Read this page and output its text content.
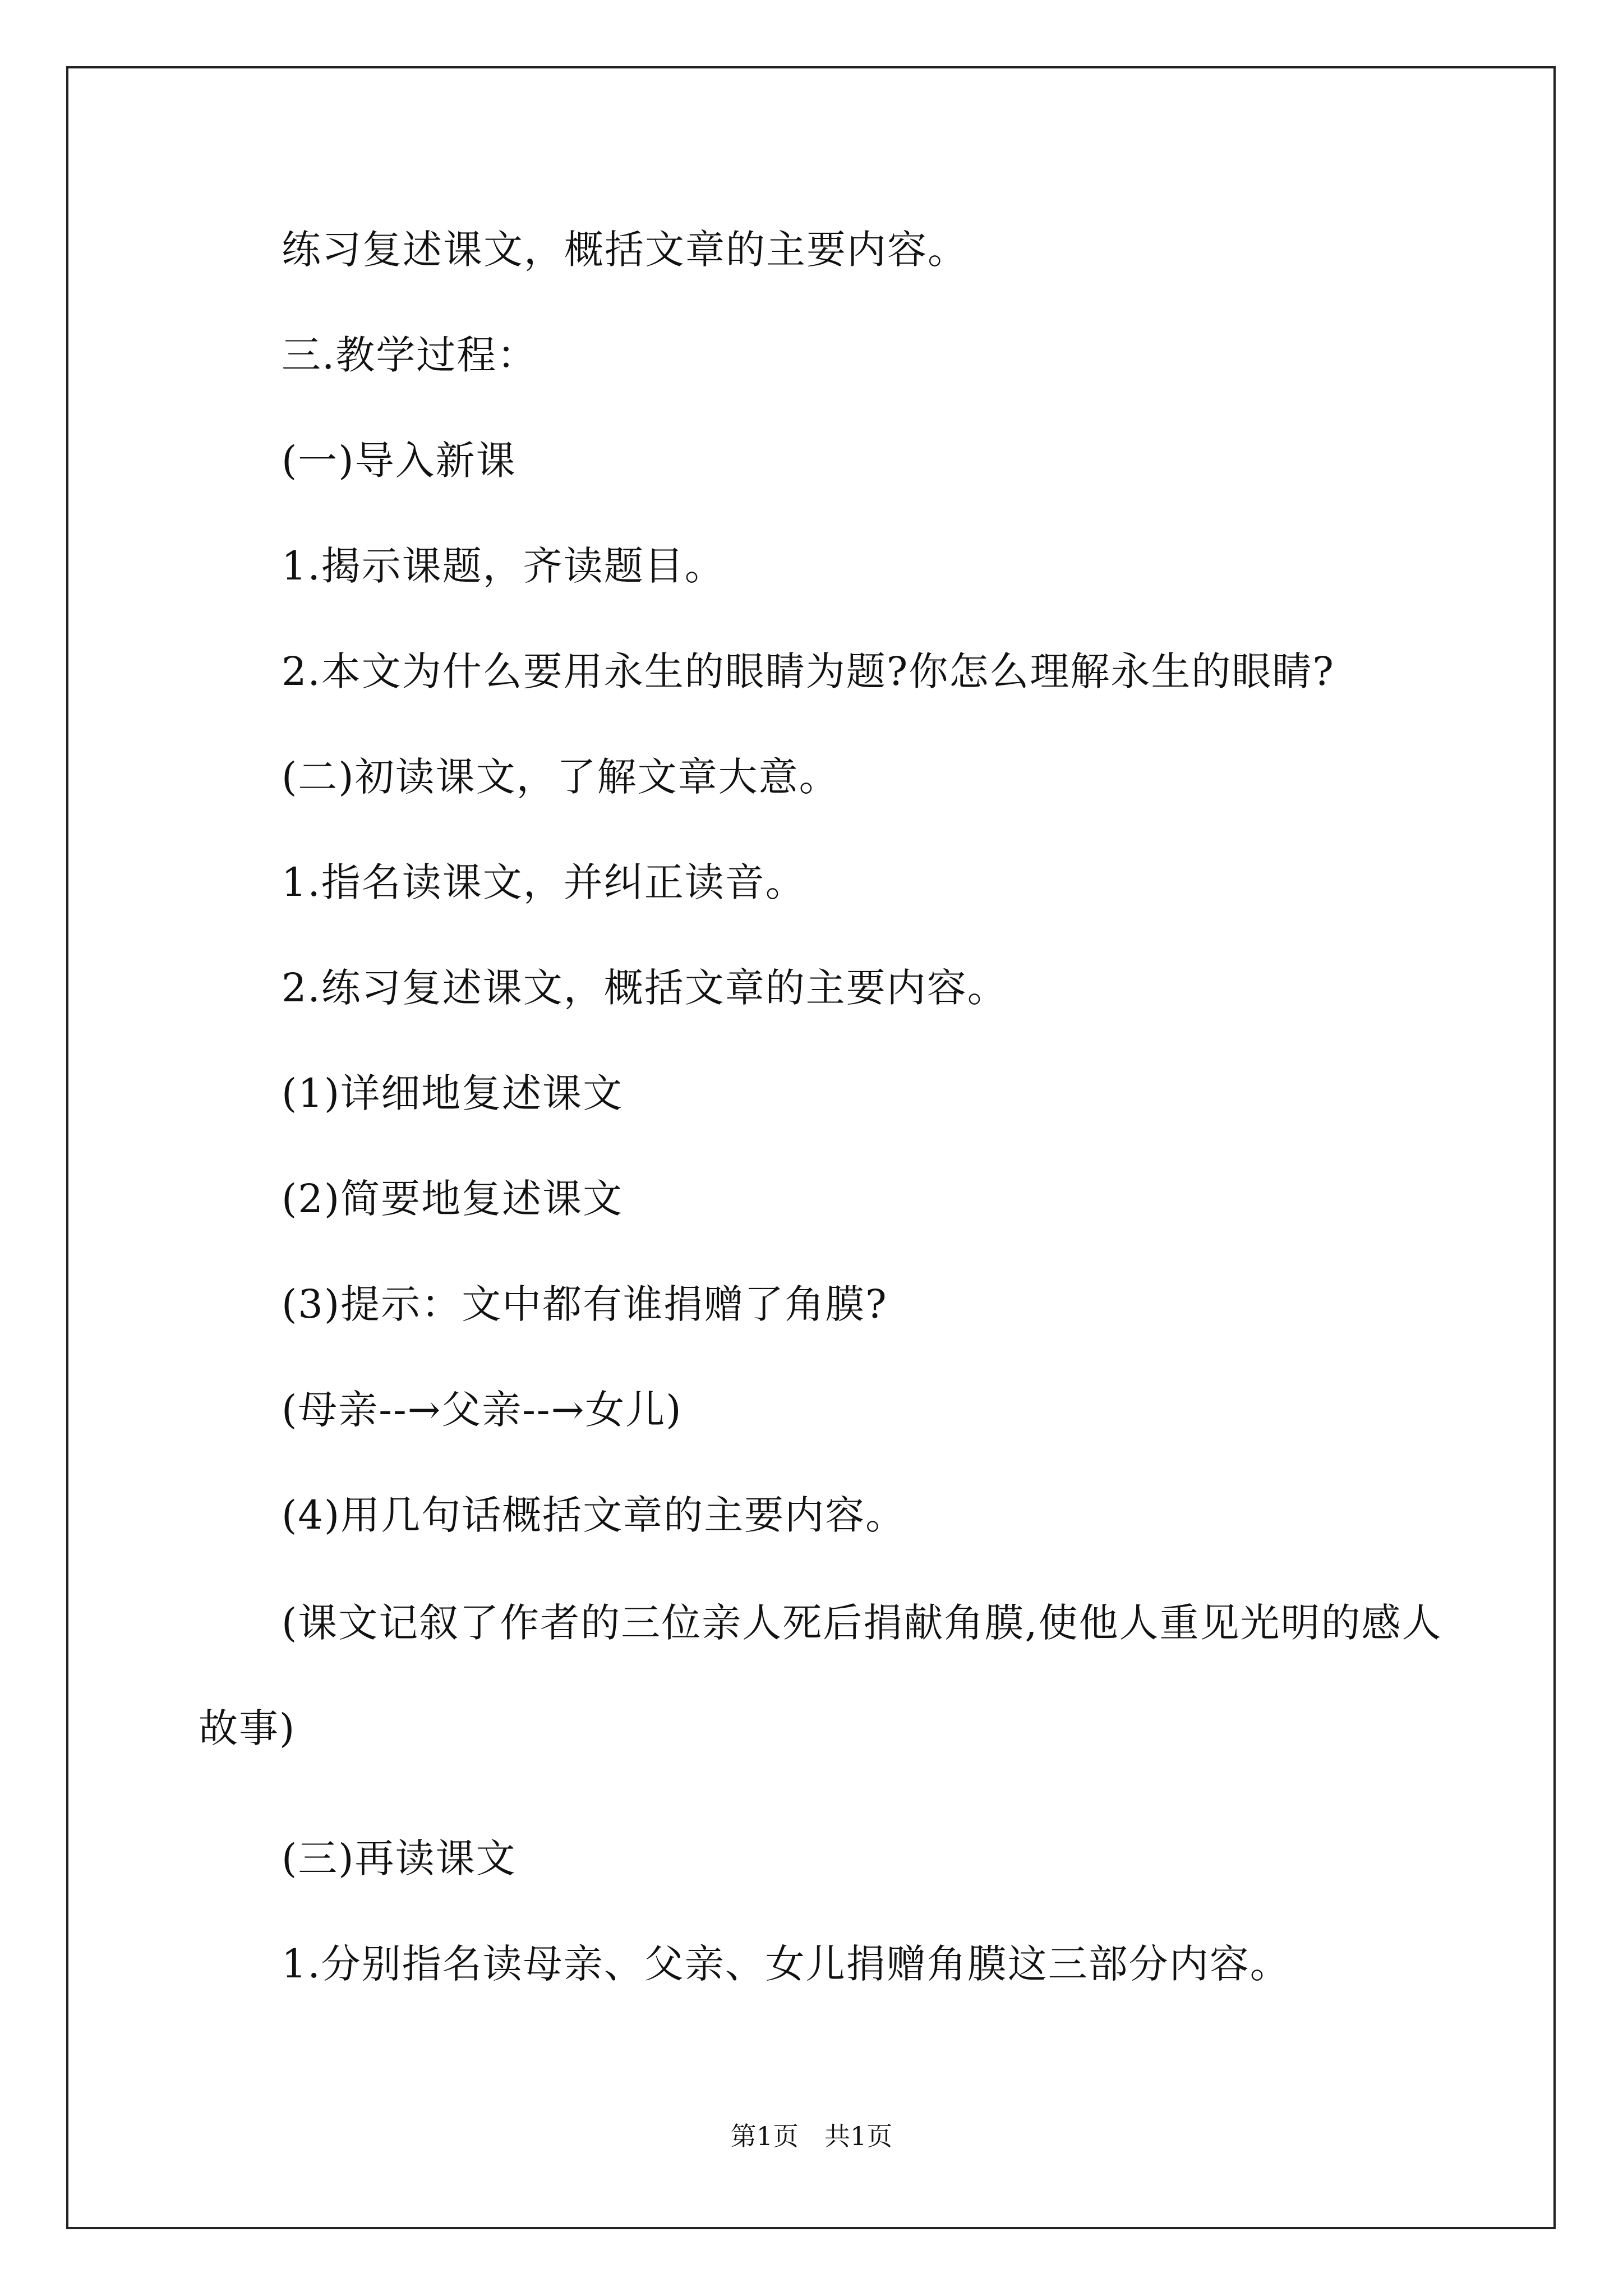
练习复述课文，概括文章的主要内容。

三.教学过程：

(一)导入新课

1.揭示课题，齐读题目。

2.本文为什么要用永生的眼睛为题?你怎么理解永生的眼睛?

(二)初读课文，了解文章大意。

1.指名读课文，并纠正读音。

2.练习复述课文，概括文章的主要内容。

(1)详细地复述课文

(2)简要地复述课文

(3)提示：文中都有谁捐赠了角膜?

(母亲--→父亲--→女儿)

(4)用几句话概括文章的主要内容。

(课文记叙了作者的三位亲人死后捐献角膜,使他人重见光明的感人故事)

(三)再读课文

1.分别指名读母亲、父亲、女儿捐赠角膜这三部分内容。

第1页　共1页
